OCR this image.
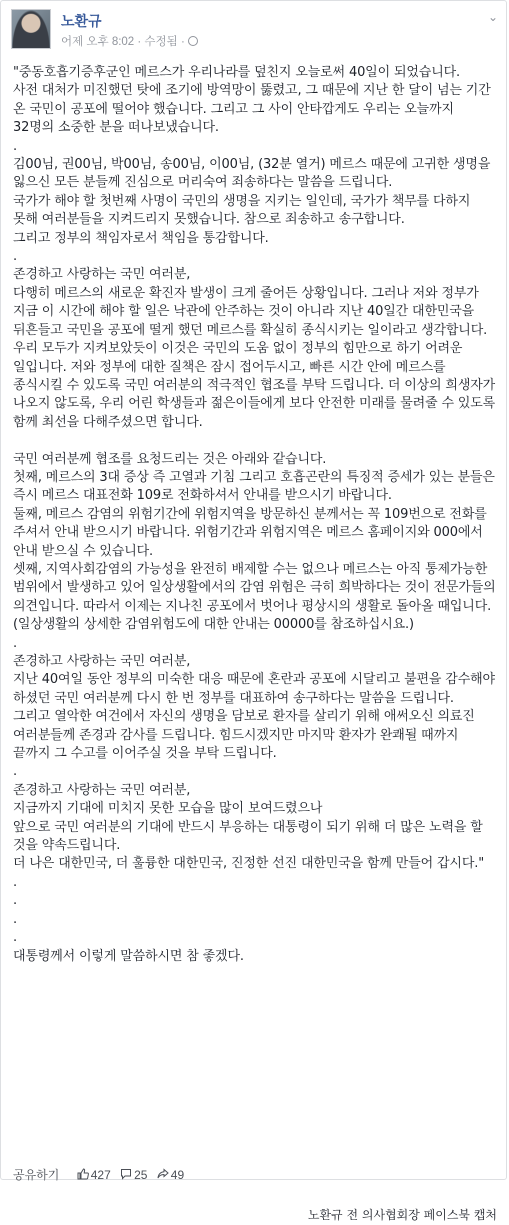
노환규
어제 오후 8:02 · 수정됨 ·
⌄
"중동호흡기증후군인 메르스가 우리나라를 덮친지 오늘로써 40일이 되었습니다.
사전 대처가 미진했던 탓에 조기에 방역망이 뚫렸고, 그 때문에 지난 한 달이 넘는 기간 온 국민이 공포에 떨어야 했습니다. 그리고 그 사이 안타깝게도 우리는 오늘까지 32명의 소중한 분을 떠나보냈습니다.
.
김00님, 권00님, 박00님, 송00님, 이00님, (32분 열거) 메르스 때문에 고귀한 생명을 잃으신 모든 분들께 진심으로 머리숙여 죄송하다는 말씀을 드립니다.
국가가 해야 할 첫번째 사명이 국민의 생명을 지키는 일인데, 국가가 책무를 다하지 못해 여러분들을 지켜드리지 못했습니다. 참으로 죄송하고 송구합니다.
그리고 정부의 책임자로서 책임을 통감합니다.
.
존경하고 사랑하는 국민 여러분,
다행히 메르스의 새로운 확진자 발생이 크게 줄어든 상황입니다. 그러나 저와 정부가 지금 이 시간에 해야 할 일은 낙관에 안주하는 것이 아니라 지난 40일간 대한민국을 뒤흔들고 국민을 공포에 떨게 했던 메르스를 확실히 종식시키는 일이라고 생각합니다. 우리 모두가 지켜보았듯이 이것은 국민의 도움 없이 정부의 힘만으로 하기 어려운 일입니다. 저와 정부에 대한 질책은 잠시 접어두시고, 빠른 시간 안에 메르스를 종식시킬 수 있도록 국민 여러분의 적극적인 협조를 부탁 드립니다. 더 이상의 희생자가 나오지 않도록, 우리 어린 학생들과 젊은이들에게 보다 안전한 미래를 물려줄 수 있도록 함께 최선을 다해주셨으면 합니다.

국민 여러분께 협조를 요청드리는 것은 아래와 같습니다.
첫째, 메르스의 3대 증상 즉 고열과 기침 그리고 호흡곤란의 특징적 증세가 있는 분들은 즉시 메르스 대표전화 109로 전화하셔서 안내를 받으시기 바랍니다.
둘째, 메르스 감염의 위험기간에 위험지역을 방문하신 분께서는 꼭 109번으로 전화를 주셔서 안내 받으시기 바랍니다. 위험기간과 위험지역은 메르스 홈페이지와 000에서 안내 받으실 수 있습니다.
셋째, 지역사회감염의 가능성을 완전히 배제할 수는 없으나 메르스는 아직 통제가능한 범위에서 발생하고 있어 일상생활에서의 감염 위험은 극히 희박하다는 것이 전문가들의 의견입니다. 따라서 이제는 지나친 공포에서 벗어나 평상시의 생활로 돌아올 때입니다. (일상생활의 상세한 감염위험도에 대한 안내는 00000를 참조하십시요.)
.
존경하고 사랑하는 국민 여러분,
지난 40여일 동안 정부의 미숙한 대응 때문에 혼란과 공포에 시달리고 불편을 감수해야 하셨던 국민 여러분께 다시 한 번 정부를 대표하여 송구하다는 말씀을 드립니다.
그리고 열악한 여건에서 자신의 생명을 담보로 환자를 살리기 위해 애써오신 의료진 여러분들께 존경과 감사를 드립니다. 힘드시겠지만 마지막 환자가 완쾌될 때까지 끝까지 그 수고를 이어주실 것을 부탁 드립니다.
.
존경하고 사랑하는 국민 여러분,
지금까지 기대에 미치지 못한 모습을 많이 보여드렸으나
앞으로 국민 여러분의 기대에 반드시 부응하는 대통령이 되기 위해 더 많은 노력을 할 것을 약속드립니다.
더 나은 대한민국, 더 훌륭한 대한민국, 진정한 선진 대한민국을 함께 만들어 갑시다."
.
.
.
.
대통령께서 이렇게 말씀하시면 참 좋겠다.
공유하기	427 25 49
노환규 전 의사협회장 페이스북 캡처
